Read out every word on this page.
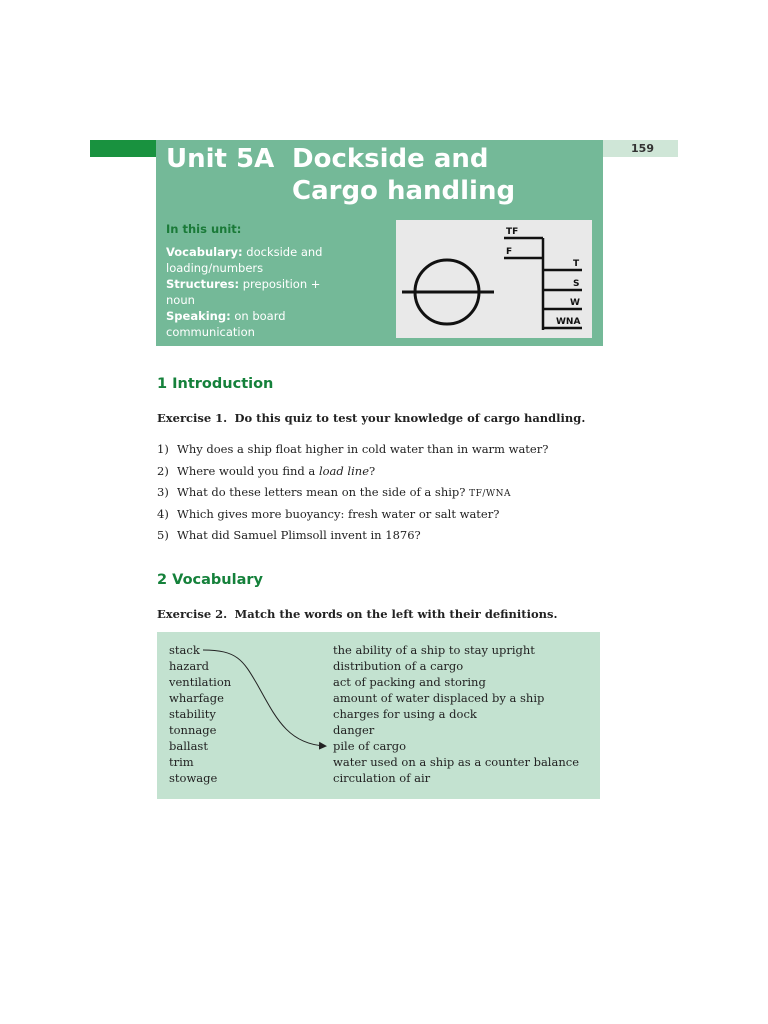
Unit 5A Dockside and
Cargo handling
In this unit:
Vocabulary: dockside and
loading/numbers
Structures: preposition +
noun
Speaking: on board
communication
TF
F
T
S
W
WNA
159
1 Introduction
Exercise 1. Do this quiz to test your knowledge of cargo handling.
1) Why does a ship float higher in cold water than in warm water?
2) Where would you find a load line?
3) What do these letters mean on the side of a ship? TF/WNA
4) Which gives more buoyancy: fresh water or salt water?
5) What did Samuel Plimsoll invent in 1876?
2 Vocabulary
Exercise 2. Match the words on the left with their definitions.
stack
hazard
ventilation
wharfage
stability
tonnage
ballast
trim
stowage
the ability of a ship to stay upright
distribution of a cargo
act of packing and storing
amount of water displaced by a ship
charges for using a dock
danger
pile of cargo
water used on a ship as a counter balance
circulation of air
